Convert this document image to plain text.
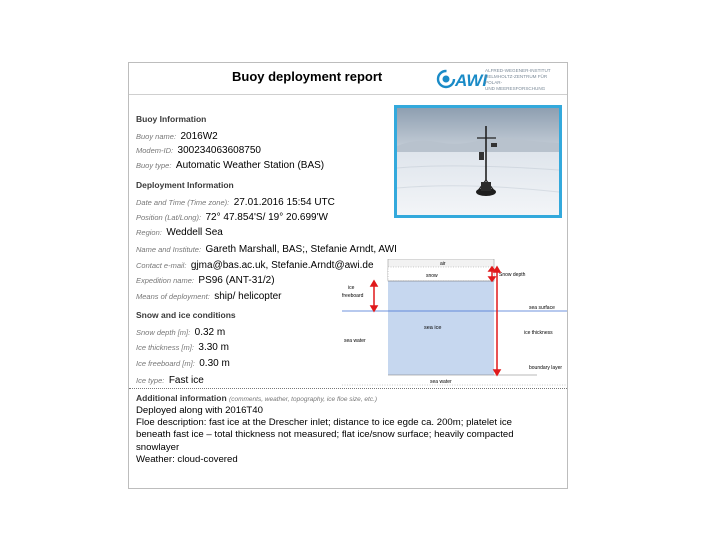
Buoy deployment report	AWI
ALFRED-WEGENER-INSTITUT
HELMHOLTZ-ZENTRUM FÜR POLAR-
UND MEERESFORSCHUNG
Buoy Information
Buoy name: 2016W2
Modem-ID: 300234063608750
Buoy type: Automatic Weather Station (BAS)
Deployment Information
Date and Time (Time zone): 27.01.2016 15:54 UTC
Position (Lat/Long): 72° 47.854'S/ 19° 20.699'W
Region: Weddell Sea
Name and Institute: Gareth Marshall, BAS;, Stefanie Arndt, AWI
Contact e-mail: gjma@bas.ac.uk, Stefanie.Arndt@awi.de
Expedition name: PS96 (ANT-31/2)
Means of deployment: ship/ helicopter
Snow and ice conditions
Snow depth [m]: 0.32 m
Ice thickness [m]: 3.30 m
Ice freeboard [m]: 0.30 m
Ice type: Fast ice
air
snow
ice
freeboard
sea ice
sea water
sea water
Snow depth
sea surface
ice thickness
boundary layer
Additional information (comments, weather, topography, ice floe size, etc.)
Deployed along with 2016T40
Floe description: fast ice at the Drescher inlet; distance to ice egde ca. 200m; platelet ice
beneath fast ice – total thickness not measured; flat ice/snow surface; heavily compacted
snowlayer
Weather: cloud-covered
